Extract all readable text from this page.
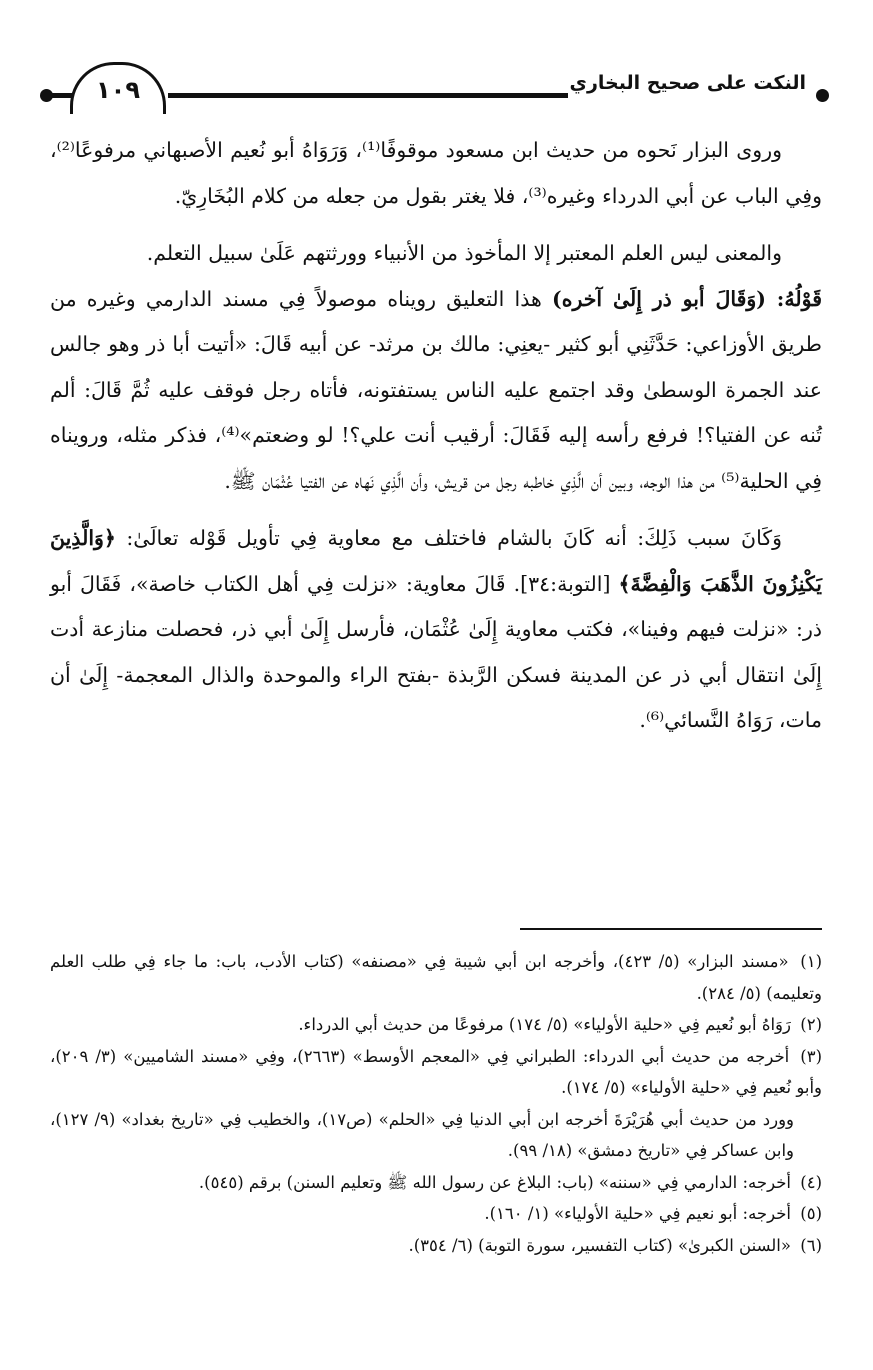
١٠٩	النكت على صحيح البخاري

وروى البزار نَحوه من حديث ابن مسعود موقوفًا⁽¹⁾، وَرَوَاهُ أبو نُعيم الأصبهاني مرفوعًا⁽²⁾، وفِي الباب عن أبي الدرداء وغيره⁽³⁾، فلا يغتر بقول من جعله من كلام البُخَارِيّ.

والمعنى ليس العلم المعتبر إلا المأخوذ من الأنبياء وورثتهم عَلَىٰ سبيل التعلم.

قَوْلُهُ: (وَقَالَ أبو ذر إِلَىٰ آخره) هذا التعليق رويناه موصولاً فِي مسند الدارمي وغيره من طريق الأوزاعي: حَدَّثَنِي أبو كثير -يعنِي: مالك بن مرثد- عن أبيه قَالَ: «أتيت أبا ذر وهو جالس عند الجمرة الوسطىٰ وقد اجتمع عليه الناس يستفتونه، فأتاه رجل فوقف عليه ثُمَّ قَالَ: ألم تُنه عن الفتيا؟! فرفع رأسه إليه فَقَالَ: أرقيب أنت علي؟! لو وضعتم»⁽⁴⁾، فذكر مثله، ورويناه فِي الحلية⁽⁵⁾ من هذا الوجه، وبين أن الَّذِي خاطبه رجل من قريش، وأن الَّذِي نَهاه عن الفتيا عُثْمَان ﷺ.

وَكَانَ سبب ذَلِكَ: أنه كَانَ بالشام فاختلف مع معاوية فِي تأويل قَوْله تعالَىٰ: ﴿وَالَّذِينَ يَكْنِزُونَ الذَّهَبَ وَالْفِضَّةَ﴾ [التوبة:٣٤]. قَالَ معاوية: «نزلت فِي أهل الكتاب خاصة»، فَقَالَ أبو ذر: «نزلت فيهم وفينا»، فكتب معاوية إِلَىٰ عُثْمَان، فأرسل إِلَىٰ أبي ذر، فحصلت منازعة أدت إِلَىٰ انتقال أبي ذر عن المدينة فسكن الرَّبذة -بفتح الراء والموحدة والذال المعجمة- إِلَىٰ أن مات، رَوَاهُ النَّسائي⁽⁶⁾.

(١) «مسند البزار» (٥/ ٤٢٣)، وأخرجه ابن أبي شيبة فِي «مصنفه» (كتاب الأدب، باب: ما جاء فِي طلب العلم وتعليمه) (٥/ ٢٨٤).

(٢) رَوَاهُ أبو نُعيم فِي «حلية الأولياء» (٥/ ١٧٤) مرفوعًا من حديث أبي الدرداء.

(٣) أخرجه من حديث أبي الدرداء: الطبراني فِي «المعجم الأوسط» (٢٦٦٣)، وفِي «مسند الشاميين» (٣/ ٢٠٩)، وأبو نُعيم فِي «حلية الأولياء» (٥/ ١٧٤).

وورد من حديث أبي هُرَيْرَةَ أخرجه ابن أبي الدنيا فِي «الحلم» (ص١٧)، والخطيب فِي «تاريخ بغداد» (٩/ ١٢٧)، وابن عساكر فِي «تاريخ دمشق» (١٨/ ٩٩).

(٤) أخرجه: الدارمي فِي «سننه» (باب: البلاغ عن رسول الله ﷺ وتعليم السنن) برقم (٥٤٥).

(٥) أخرجه: أبو نعيم فِي «حلية الأولياء» (١/ ١٦٠).

(٦) «السنن الكبرىٰ» (كتاب التفسير، سورة التوبة) (٦/ ٣٥٤).
